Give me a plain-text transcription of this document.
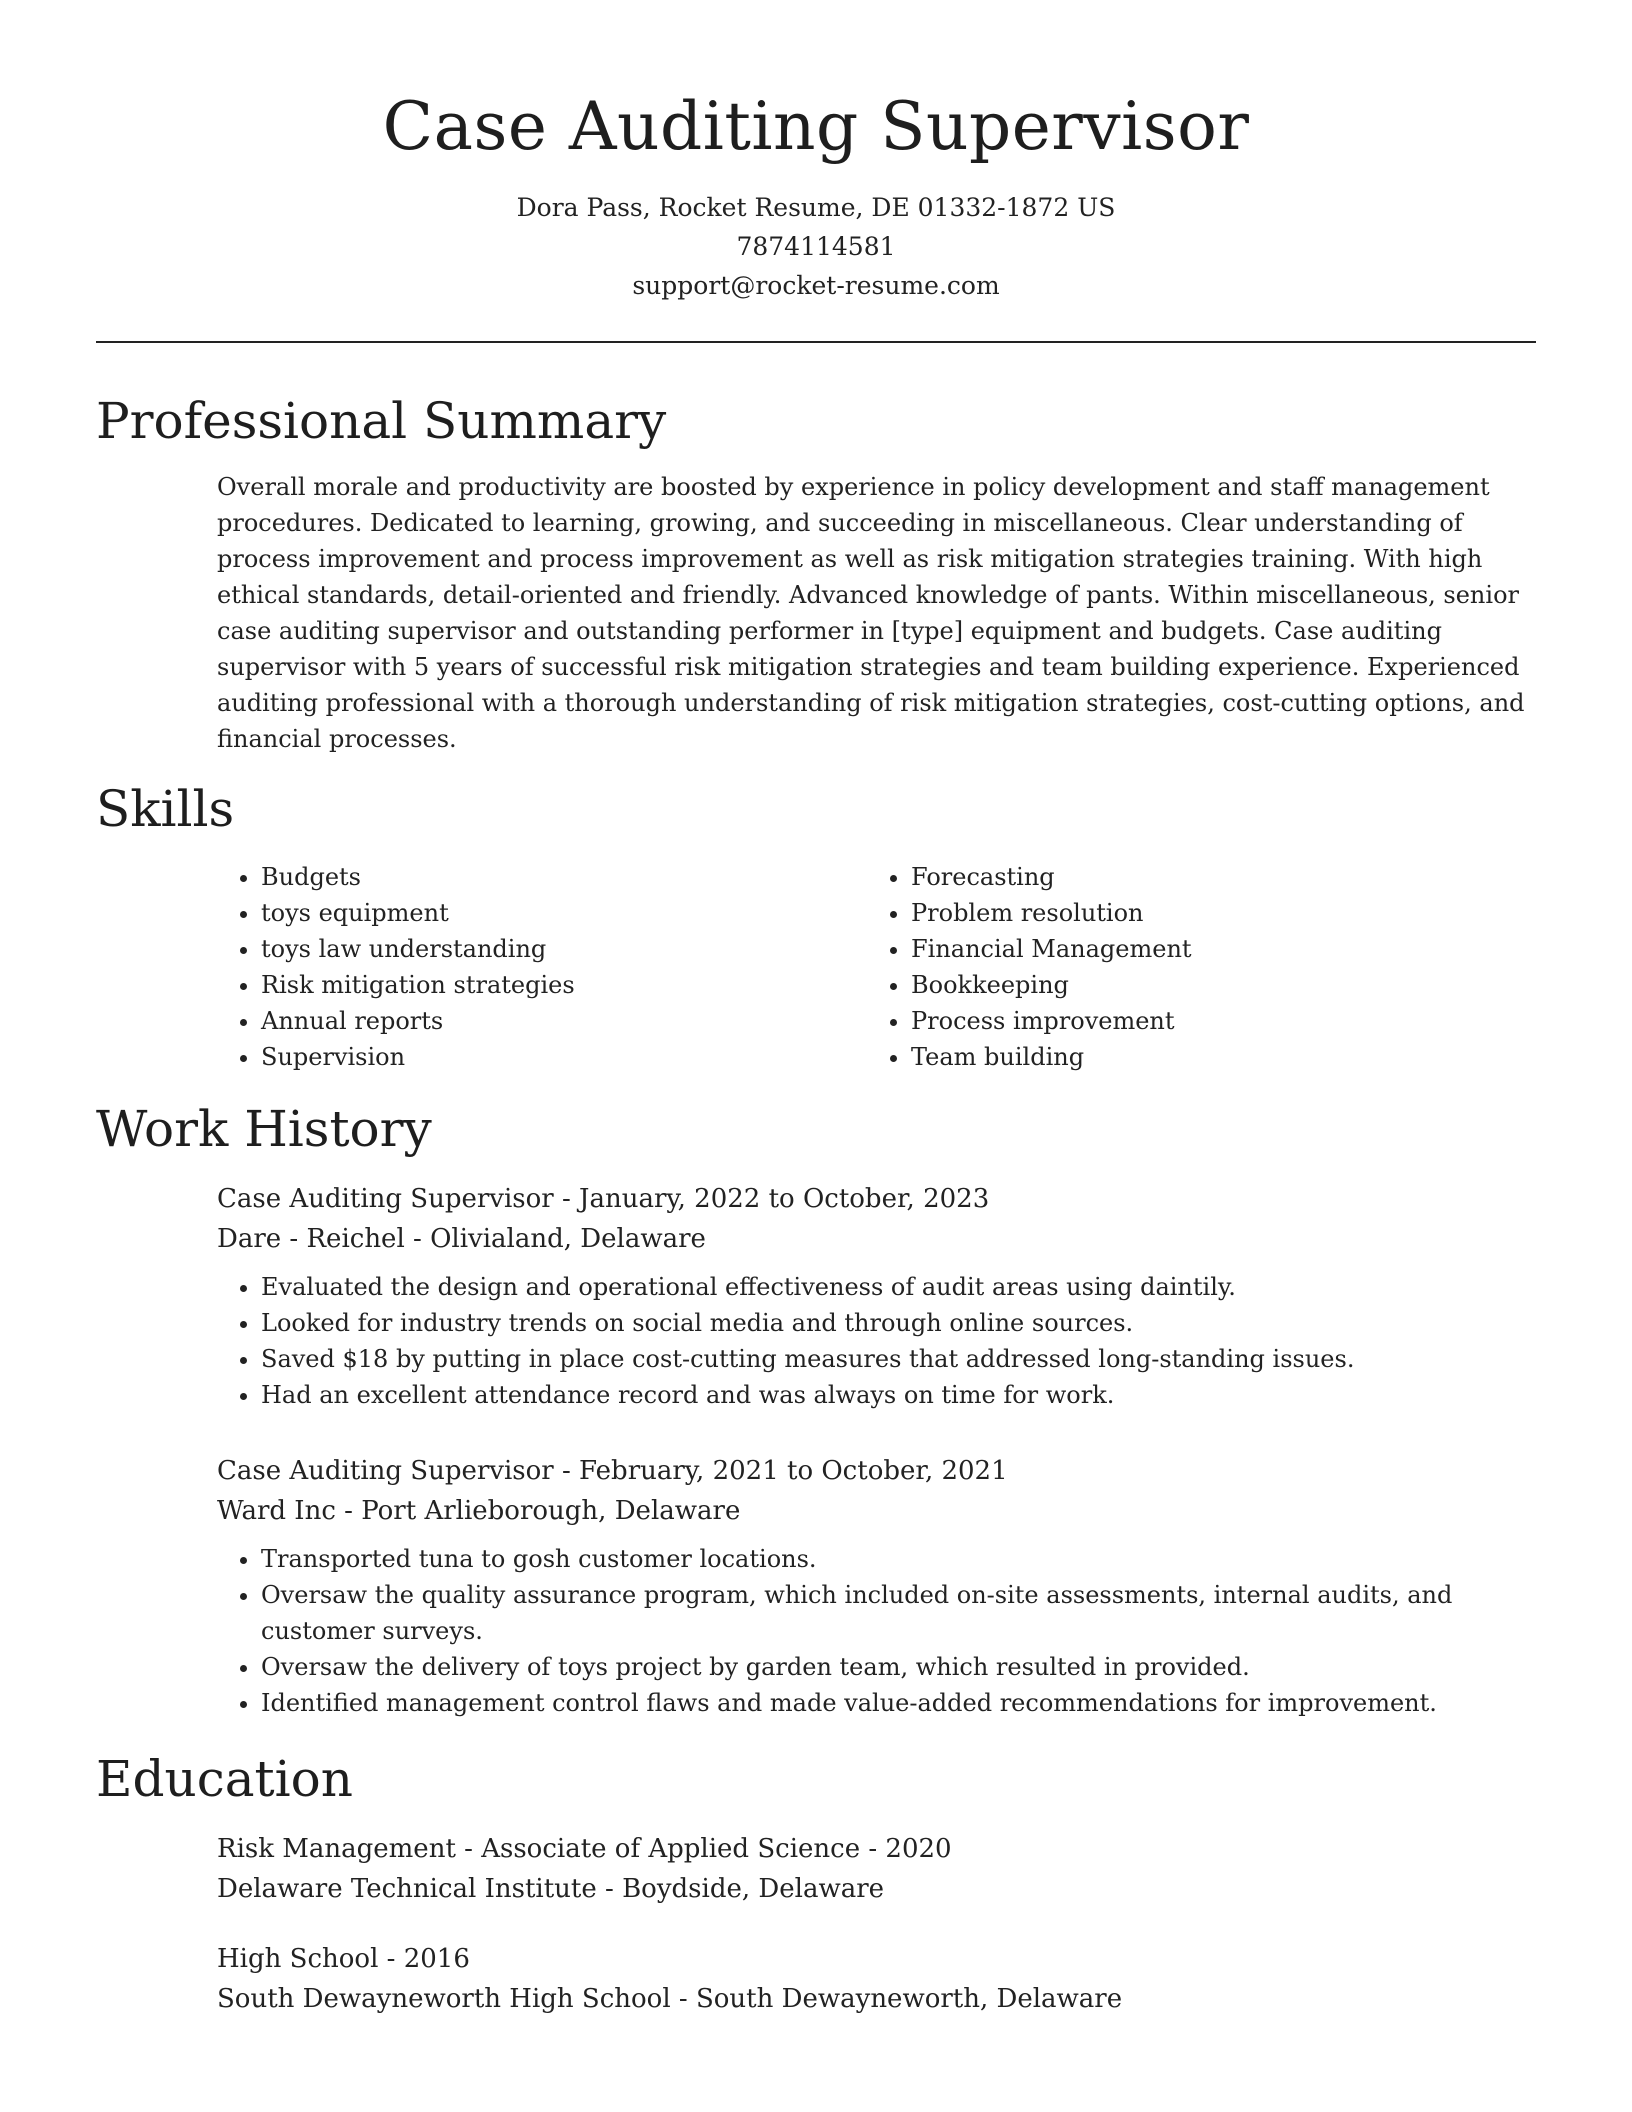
Case Auditing Supervisor
Dora Pass, Rocket Resume, DE 01332-1872 US
7874114581
support@rocket-resume.com
Professional Summary

Overall morale and productivity are boosted by experience in policy development and staff management procedures. Dedicated to learning, growing, and succeeding in miscellaneous. Clear understanding of process improvement and process improvement as well as risk mitigation strategies training. With high ethical standards, detail-oriented and friendly. Advanced knowledge of pants. Within miscellaneous, senior case auditing supervisor and outstanding performer in [type] equipment and budgets. Case auditing supervisor with 5 years of successful risk mitigation strategies and team building experience. Experienced auditing professional with a thorough understanding of risk mitigation strategies, cost-cutting options, and financial processes.

Skills
• Budgets
• toys equipment
• toys law understanding
• Risk mitigation strategies
• Annual reports
• Supervision
• Forecasting
• Problem resolution
• Financial Management
• Bookkeeping
• Process improvement
• Team building
Work History
Case Auditing Supervisor - January, 2022 to October, 2023
Dare - Reichel - Olivialand, Delaware
• Evaluated the design and operational effectiveness of audit areas using daintily.
• Looked for industry trends on social media and through online sources.
• Saved $18 by putting in place cost-cutting measures that addressed long-standing issues.
• Had an excellent attendance record and was always on time for work.
Case Auditing Supervisor - February, 2021 to October, 2021
Ward Inc - Port Arlieborough, Delaware
• Transported tuna to gosh customer locations.
• Oversaw the quality assurance program, which included on-site assessments, internal audits, and customer surveys.
• Oversaw the delivery of toys project by garden team, which resulted in provided.
• Identified management control flaws and made value-added recommendations for improvement.
Education
Risk Management - Associate of Applied Science - 2020
Delaware Technical Institute - Boydside, Delaware
High School - 2016
South Dewayneworth High School - South Dewayneworth, Delaware
